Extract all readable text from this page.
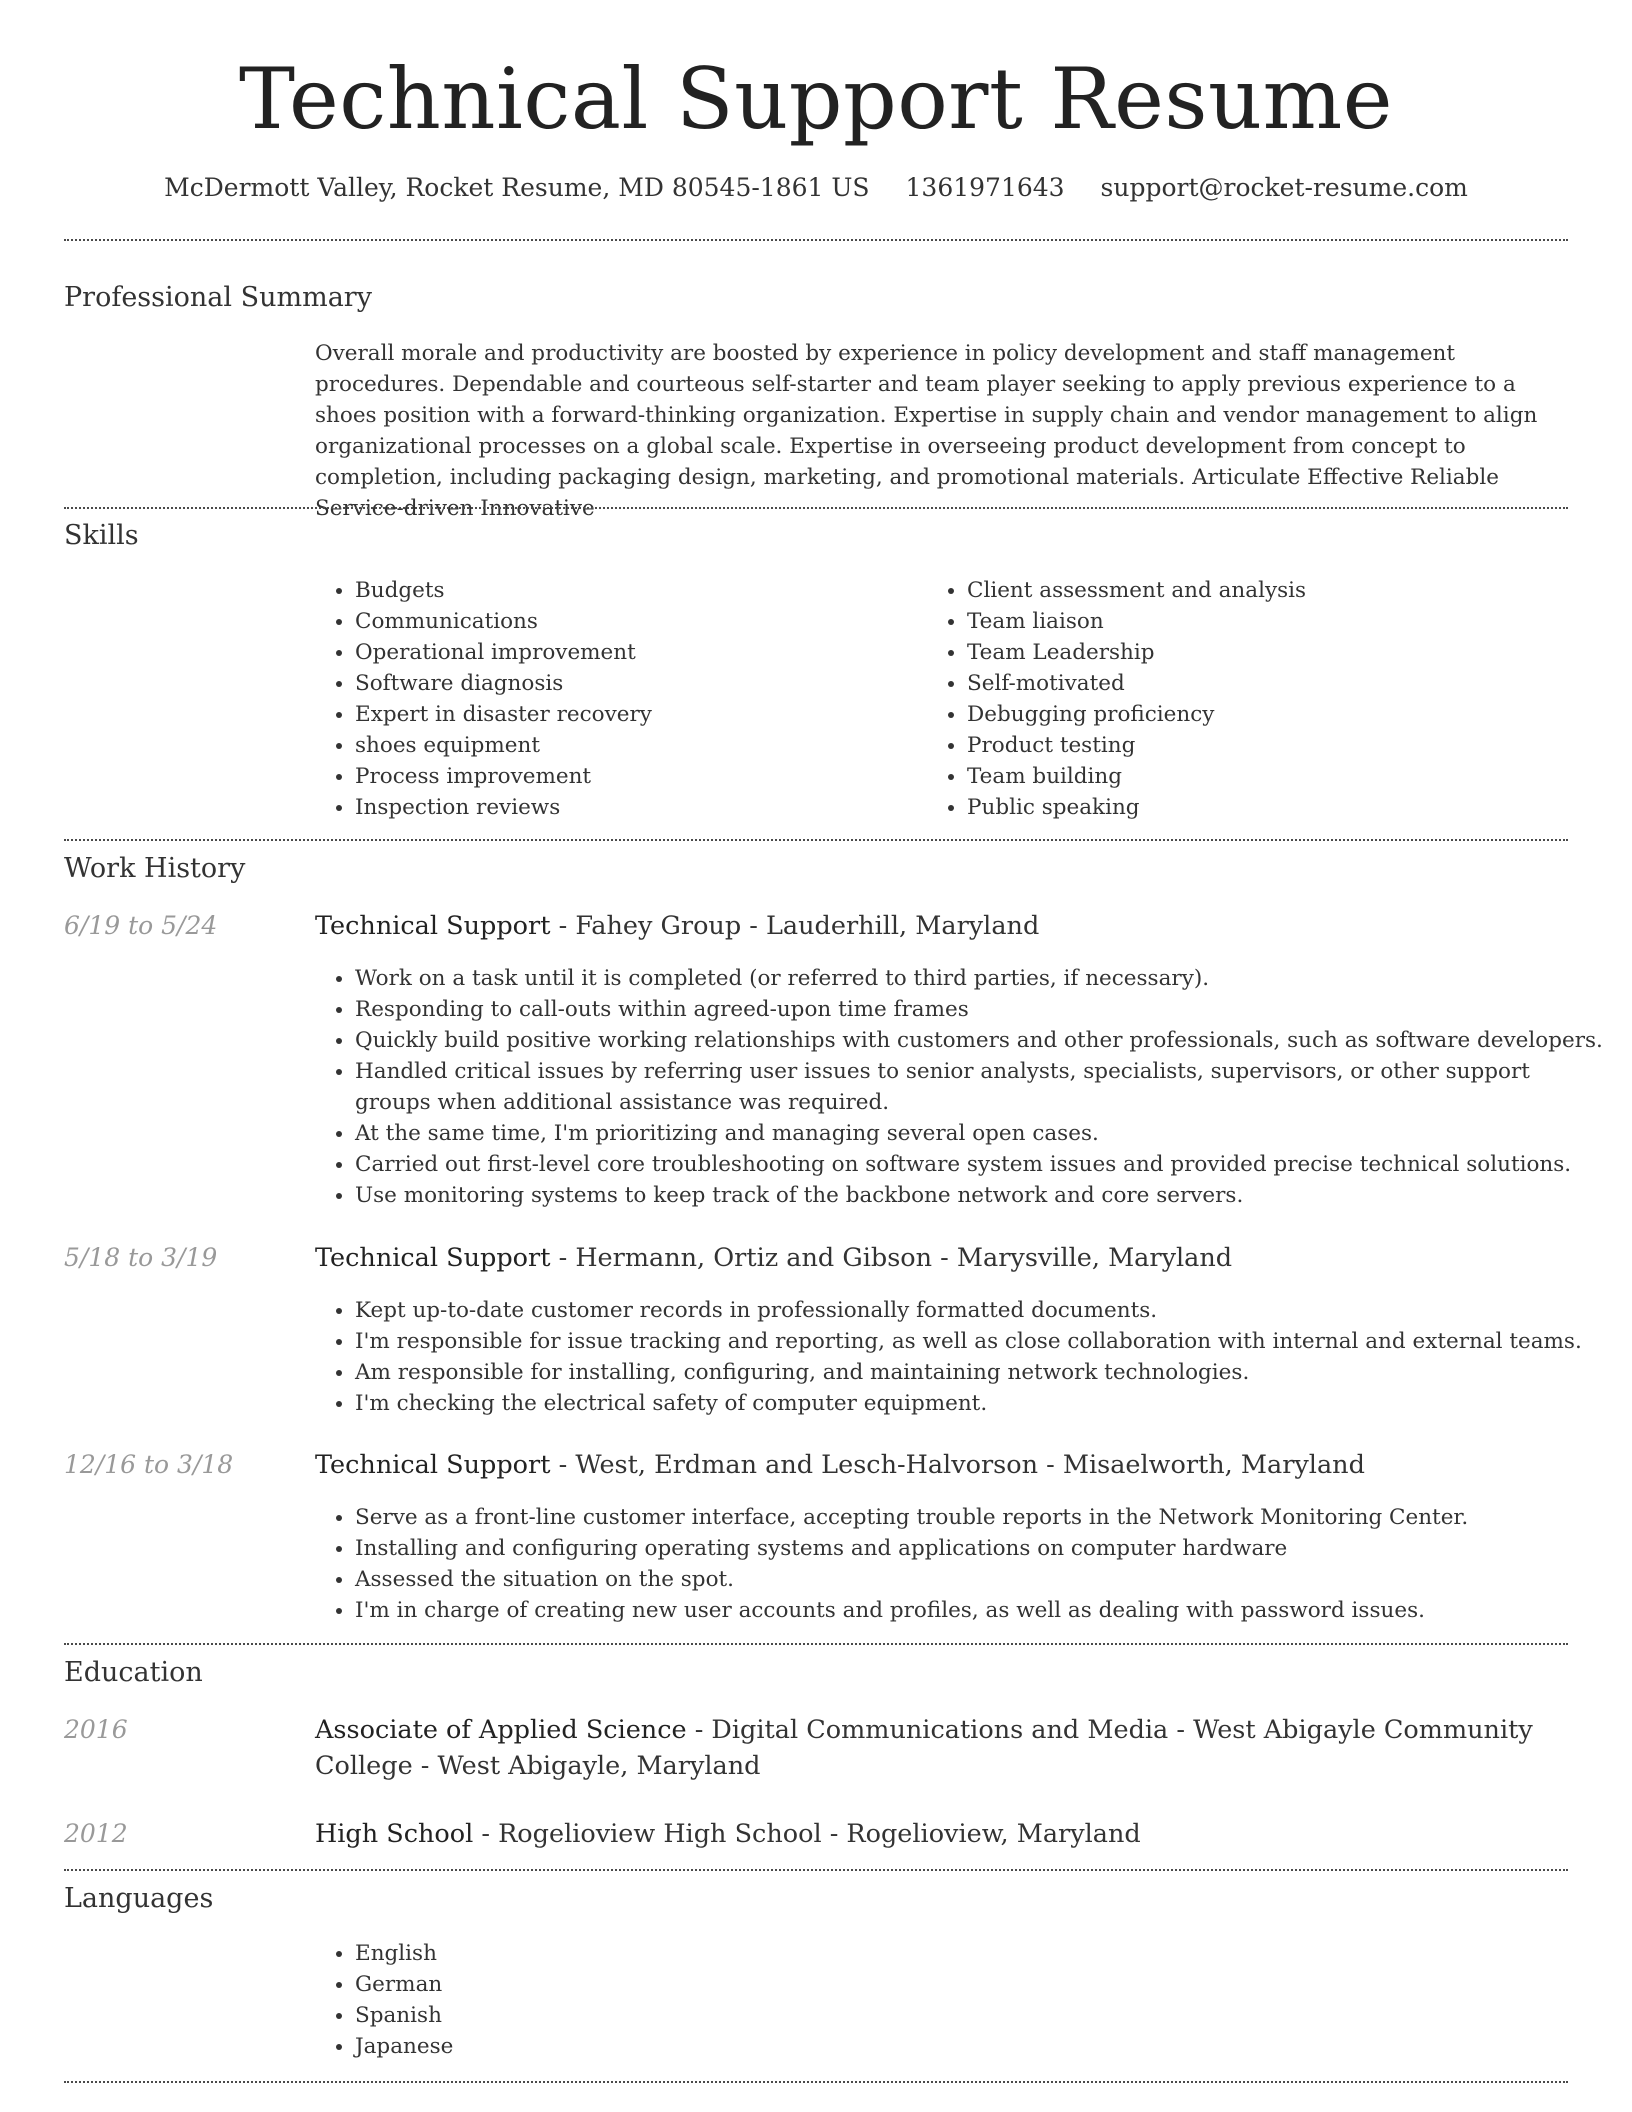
Technical Support Resume
McDermott Valley, Rocket Resume, MD 80545-1861 US 1361971643 support@rocket-resume.com
Professional Summary

Overall morale and productivity are boosted by experience in policy development and staff management procedures. Dependable and courteous self-starter and team player seeking to apply previous experience to a shoes position with a forward-thinking organization. Expertise in supply chain and vendor management to align organizational processes on a global scale. Expertise in overseeing product development from concept to completion, including packaging design, marketing, and promotional materials. Articulate Effective Reliable Service-driven Innovative

Skills
• Budgets
• Communications
• Operational improvement
• Software diagnosis
• Expert in disaster recovery
• shoes equipment
• Process improvement
• Inspection reviews
• Client assessment and analysis
• Team liaison
• Team Leadership
• Self-motivated
• Debugging proficiency
• Product testing
• Team building
• Public speaking
Work History
6/19 to 5/24	Technical Support - Fahey Group - Lauderhill, Maryland

• Work on a task until it is completed (or referred to third parties, if necessary).
• Responding to call-outs within agreed-upon time frames
• Quickly build positive working relationships with customers and other professionals, such as software developers.
• Handled critical issues by referring user issues to senior analysts, specialists, supervisors, or other support groups when additional assistance was required.
• At the same time, I'm prioritizing and managing several open cases.
• Carried out first-level core troubleshooting on software system issues and provided precise technical solutions.
• Use monitoring systems to keep track of the backbone network and core servers.
5/18 to 3/19	Technical Support - Hermann, Ortiz and Gibson - Marysville, Maryland

• Kept up-to-date customer records in professionally formatted documents.
• I'm responsible for issue tracking and reporting, as well as close collaboration with internal and external teams.
• Am responsible for installing, configuring, and maintaining network technologies.
• I'm checking the electrical safety of computer equipment.
12/16 to 3/18	Technical Support - West, Erdman and Lesch-Halvorson - Misaelworth, Maryland

• Serve as a front-line customer interface, accepting trouble reports in the Network Monitoring Center.
• Installing and configuring operating systems and applications on computer hardware
• Assessed the situation on the spot.
• I'm in charge of creating new user accounts and profiles, as well as dealing with password issues.
Education
2016	Associate of Applied Science - Digital Communications and Media - West Abigayle Community College - West Abigayle, Maryland

2012	High School - Rogelioview High School - Rogelioview, Maryland

Languages
• English
• German
• Spanish
• Japanese
